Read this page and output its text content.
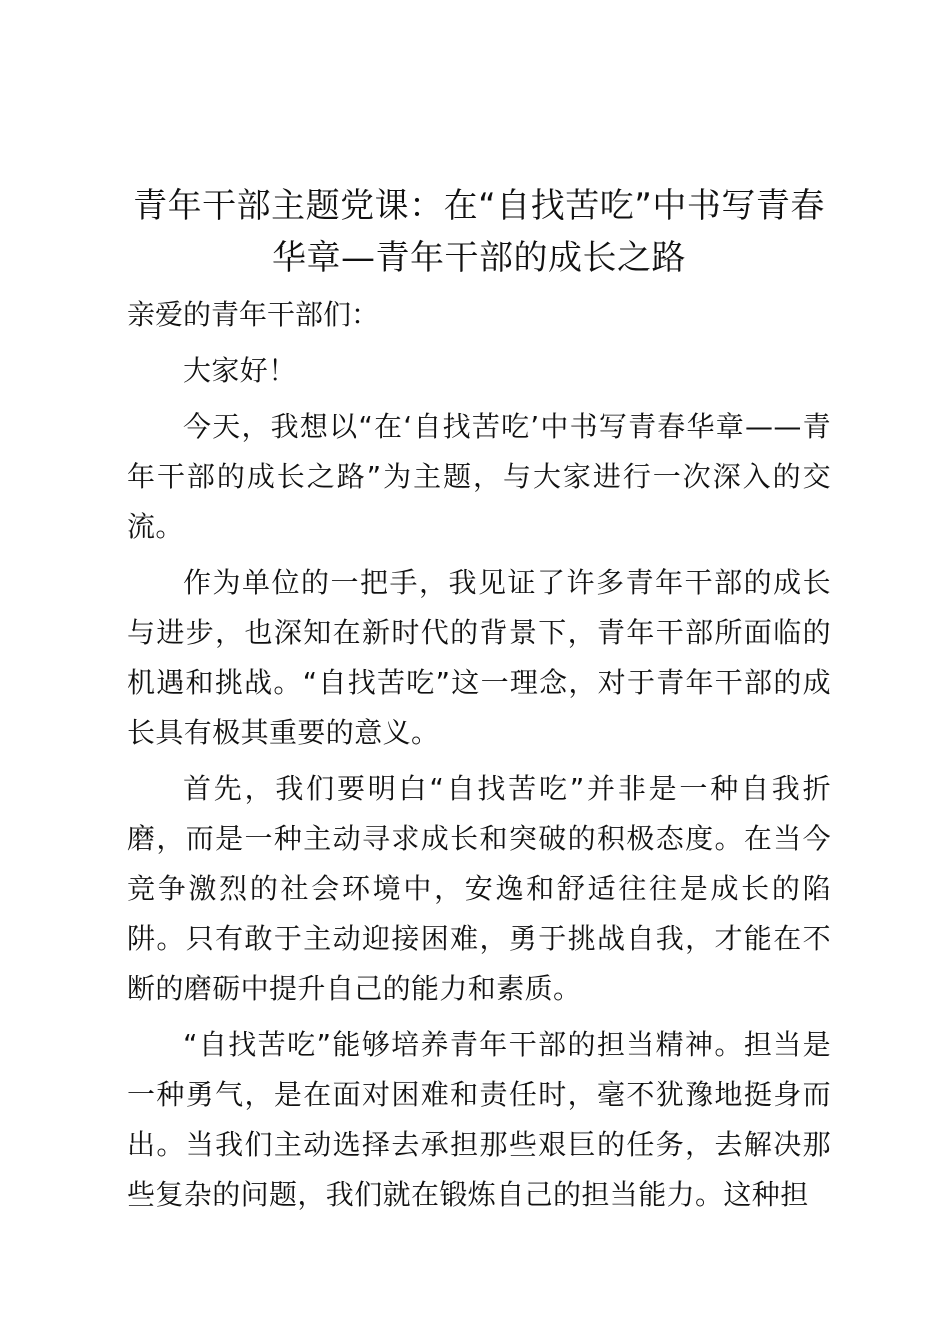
青年干部主题党课：在“自找苦吃”中书写青春华章—青年干部的成长之路

亲爱的青年干部们：

大家好！

今天，我想以“在‘自找苦吃’中书写青春华章——青年干部的成长之路”为主题，与大家进行一次深入的交流。

作为单位的一把手，我见证了许多青年干部的成长与进步，也深知在新时代的背景下，青年干部所面临的机遇和挑战。“自找苦吃”这一理念，对于青年干部的成长具有极其重要的意义。

首先，我们要明白“自找苦吃”并非是一种自我折磨，而是一种主动寻求成长和突破的积极态度。在当今竞争激烈的社会环境中，安逸和舒适往往是成长的陷阱。只有敢于主动迎接困难，勇于挑战自我，才能在不断的磨砺中提升自己的能力和素质。

“自找苦吃”能够培养青年干部的担当精神。担当是一种勇气，是在面对困难和责任时，毫不犹豫地挺身而出。当我们主动选择去承担那些艰巨的任务，去解决那些复杂的问题，我们就在锻炼自己的担当能力。这种担
